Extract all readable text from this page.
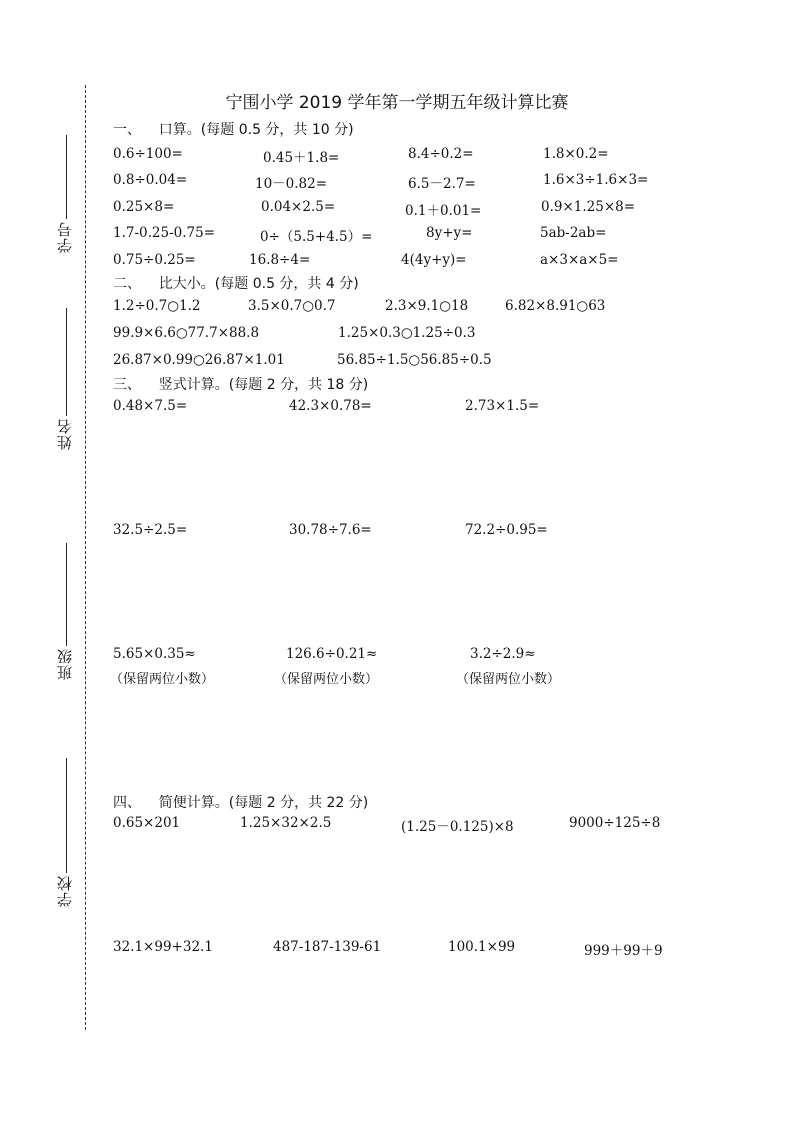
学号
姓名
班级
学校
宁围小学 2019 学年第一学期五年级计算比赛
一、    口算。(每题 0.5 分，共 10 分)
0.6÷100=	0.45＋1.8=	8.4÷0.2=	1.8×0.2=
0.8÷0.04=	10－0.82=	6.5－2.7=	1.6×3÷1.6×3=
0.25×8=	0.04×2.5=	0.1＋0.01=	0.9×1.25×8=
1.7-0.25-0.75=	0÷（5.5+4.5）=	8y+y=	5ab-2ab=
0.75÷0.25=	16.8÷4=	4(4y+y)=	a×3×a×5=
二、    比大小。(每题 0.5 分，共 4 分)
1.2÷0.7○1.2	3.5×0.7○0.7	2.3×9.1○18	6.82×8.91○63
99.9×6.6○77.7×88.8	1.25×0.3○1.25÷0.3
26.87×0.99○26.87×1.01	56.85÷1.5○56.85÷0.5
三、    竖式计算。(每题 2 分，共 18 分)
0.48×7.5=	42.3×0.78=	2.73×1.5=
32.5÷2.5=	30.78÷7.6=	72.2÷0.95=
5.65×0.35≈	126.6÷0.21≈	3.2÷2.9≈
（保留两位小数）	（保留两位小数）	（保留两位小数）
四、    简便计算。(每题 2 分，共 22 分)
0.65×201	1.25×32×2.5	(1.25－0.125)×8	9000÷125÷8
32.1×99+32.1	487-187-139-61	100.1×99	999＋99＋9
